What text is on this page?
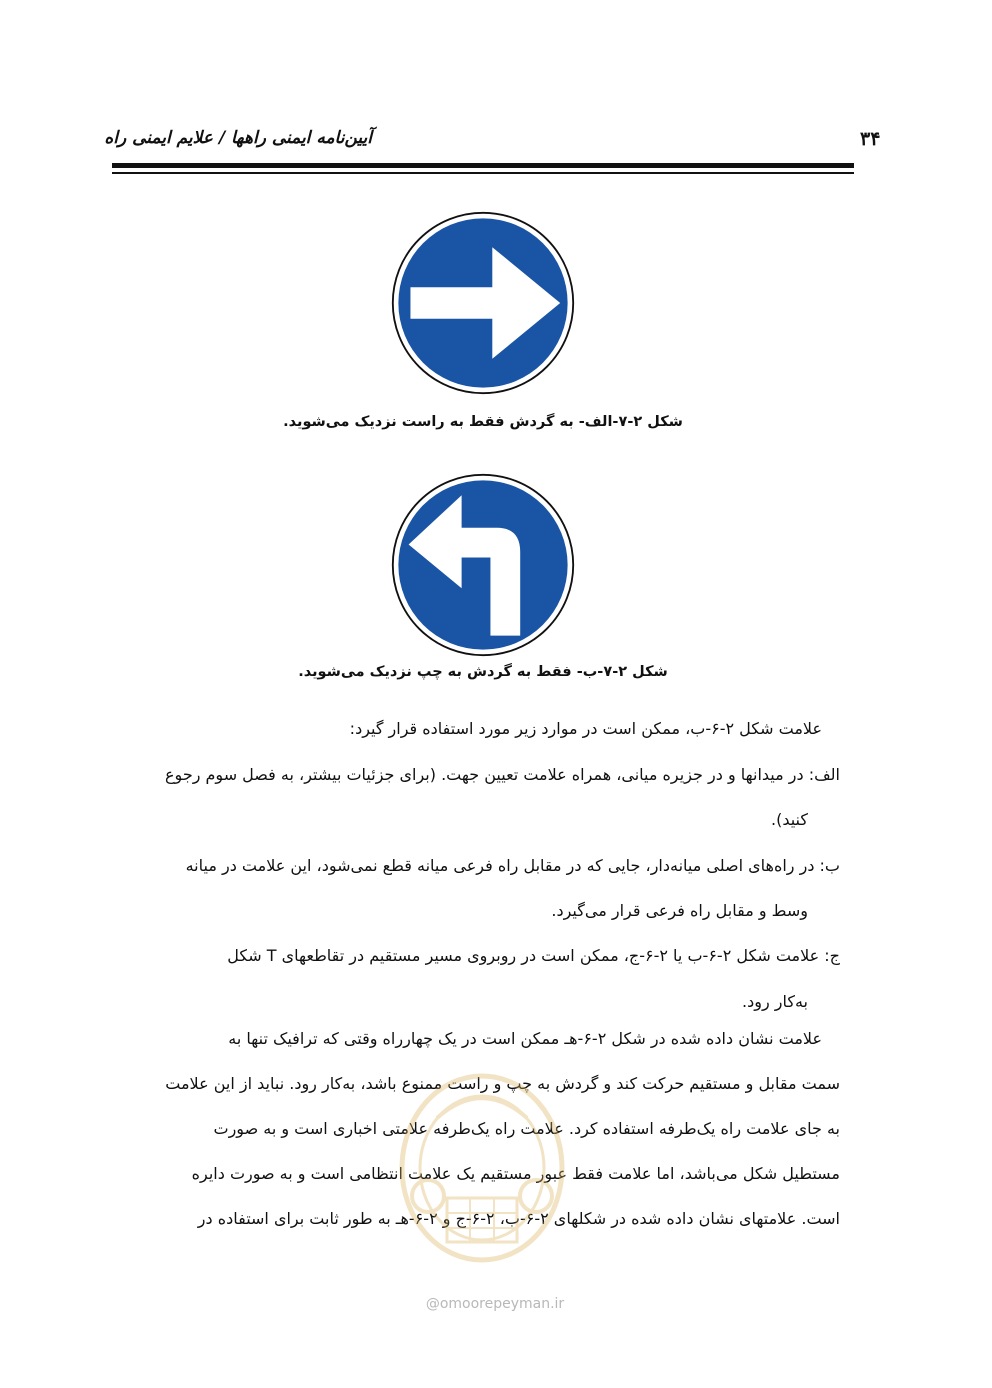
آیین‌نامه ایمنی راهها / علایم ایمنی راه	۳۴
شکل ۲-۷-الف- به گردش فقط به راست نزدیک می‌شوید.
شکل ۲-۷-ب- فقط به گردش به چپ نزدیک می‌شوید.
علامت شکل ۲-۶-ب، ممکن است در موارد زیر مورد استفاده قرار گیرد:
الف: در میدانها و در جزیره میانی، همراه علامت تعیین جهت. (برای جزئیات بیشتر، به فصل سوم رجوع
کنید).
ب: در راه‌های اصلی میانه‌دار، جایی که در مقابل راه فرعی میانه قطع نمی‌شود، این علامت در میانه
وسط و مقابل راه فرعی قرار می‌گیرد.
ج: علامت شکل ۲-۶-ب یا ۲-۶-ج، ممکن است در روبروی مسیر مستقیم در تقاطعهای T شکل
به‌کار رود.
علامت نشان داده شده در شکل ۲-۶-هـ ممکن است در یک چهارراه وقتی که ترافیک تنها به
سمت مقابل و مستقیم حرکت کند و گردش به چپ و راست ممنوع باشد، به‌کار رود. نباید از این علامت
به جای علامت راه یک‌طرفه استفاده کرد. علامت راه یک‌طرفه علامتی اخباری است و به صورت
مستطیل شکل می‌باشد، اما علامت فقط عبور مستقیم یک علامت انتظامی است و به صورت دایره
است. علامتهای نشان داده شده در شکلهای ۲-۶-ب، ۲-۶-ج و ۲-۶-هـ به طور ثابت برای استفاده در
@omoorepeyman.ir
